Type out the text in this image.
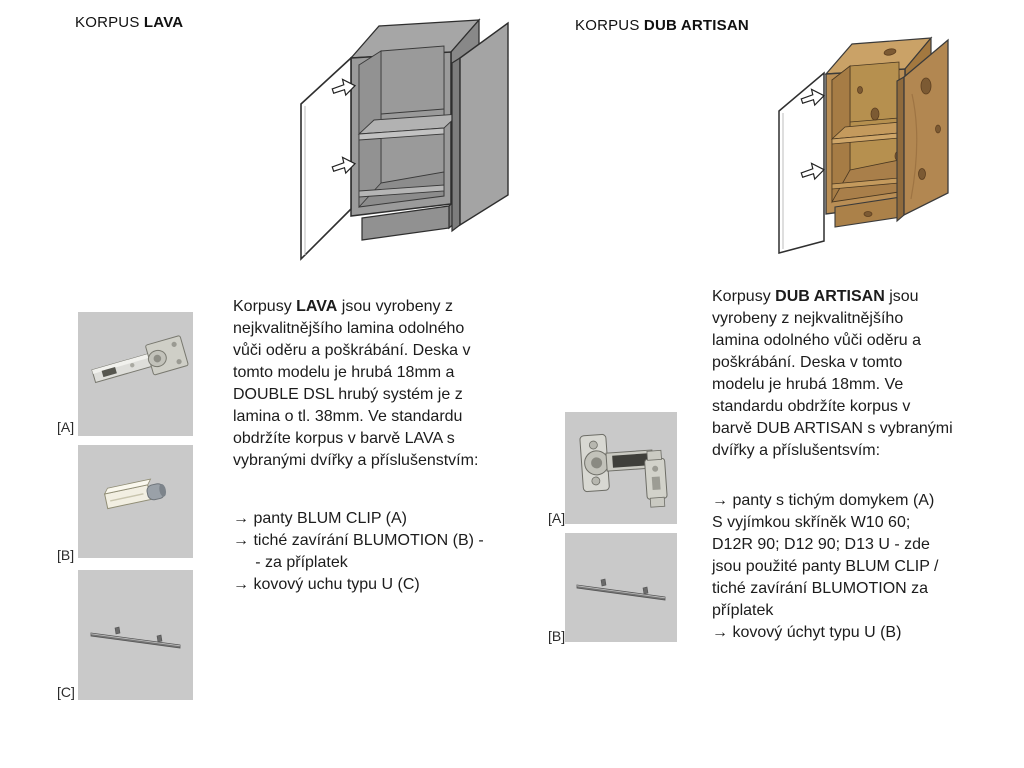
KORPUS LAVA
[A]
[B]
[C]
Korpusy LAVA jsou vyrobeny z
nejkvalitnějšího lamina odolného
vůči oděru a poškrábání. Deska v
tomto modelu je hrubá 18mm a
DOUBLE DSL hrubý systém je z
lamina o tl. 38mm. Ve standardu
obdržíte korpus v barvě LAVA s
vybranými dvířky a příslušenstvím:
→ panty BLUM CLIP (A)
→ tiché zavírání BLUMOTION (B) -
- za příplatek
→ kovový uchu typu U (C)
KORPUS DUB ARTISAN
[A]
[B]
Korpusy DUB ARTISAN jsou
vyrobeny z nejkvalitnějšího
lamina odolného vůči oděru a
poškrábání. Deska v tomto
modelu je hrubá 18mm. Ve
standardu obdržíte korpus v
barvě DUB ARTISAN s vybranými
dvířky a příslušentsvím:
→ panty s tichým domykem (A)
S vyjímkou skříněk W10 60;
D12R 90; D12 90; D13 U - zde
jsou použité panty BLUM CLIP /
tiché zavírání BLUMOTION za
příplatek
→ kovový úchyt typu U (B)
